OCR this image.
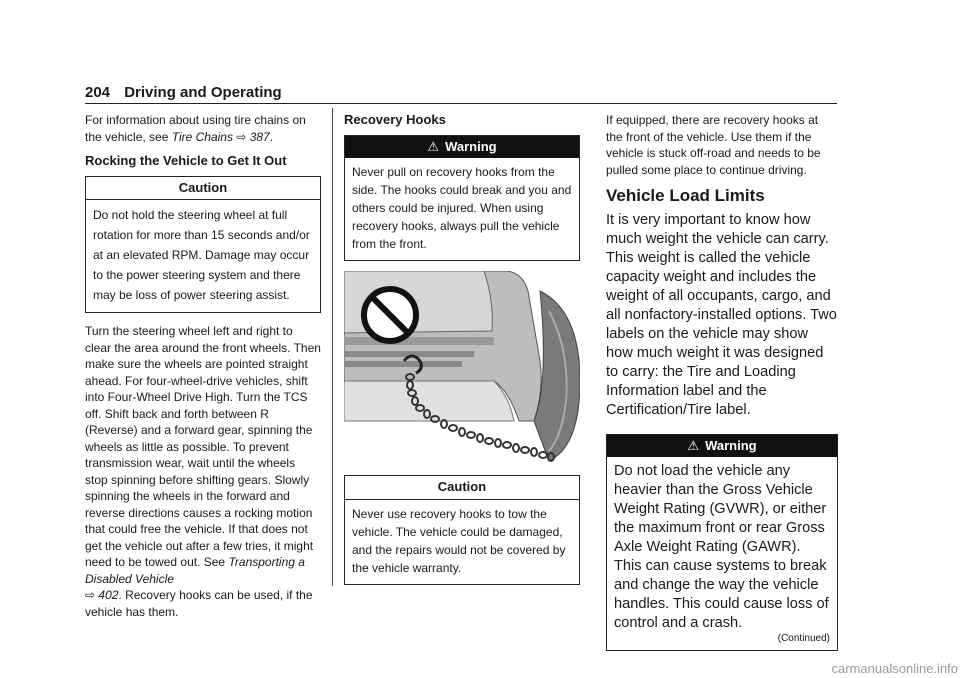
204 Driving and Operating

For information about using tire chains on the vehicle, see Tire Chains ⇨ 387.

Rocking the Vehicle to Get It Out
Caution
Do not hold the steering wheel at full rotation for more than 15 seconds and/or at an elevated RPM. Damage may occur to the power steering system and there may be loss of power steering assist.

Turn the steering wheel left and right to clear the area around the front wheels. Then make sure the wheels are pointed straight ahead. For four-wheel-drive vehicles, shift into Four-Wheel Drive High. Turn the TCS off. Shift back and forth between R (Reverse) and a forward gear, spinning the wheels as little as possible. To prevent transmission wear, wait until the wheels stop spinning before shifting gears. Slowly spinning the wheels in the forward and reverse directions causes a rocking motion that could free the vehicle. If that does not get the vehicle out after a few tries, it might need to be towed out. See Transporting a Disabled Vehicle
⇨ 402. Recovery hooks can be used, if the vehicle has them.

Recovery Hooks
⚠ Warning
Never pull on recovery hooks from the side. The hooks could break and you and others could be injured. When using recovery hooks, always pull the vehicle from the front.
Caution
Never use recovery hooks to tow the vehicle. The vehicle could be damaged, and the repairs would not be covered by the vehicle warranty.

If equipped, there are recovery hooks at the front of the vehicle. Use them if the vehicle is stuck off-road and needs to be pulled some place to continue driving.

Vehicle Load Limits

It is very important to know how much weight the vehicle can carry. This weight is called the vehicle capacity weight and includes the weight of all occupants, cargo, and all nonfactory-installed options. Two labels on the vehicle may show how much weight it was designed to carry: the Tire and Loading Information label and the Certification/Tire label.

⚠ Warning
Do not load the vehicle any heavier than the Gross Vehicle Weight Rating (GVWR), or either the maximum front or rear Gross Axle Weight Rating (GAWR). This can cause systems to break and change the way the vehicle handles. This could cause loss of control and a crash.
(Continued)
carmanualsonline.info
